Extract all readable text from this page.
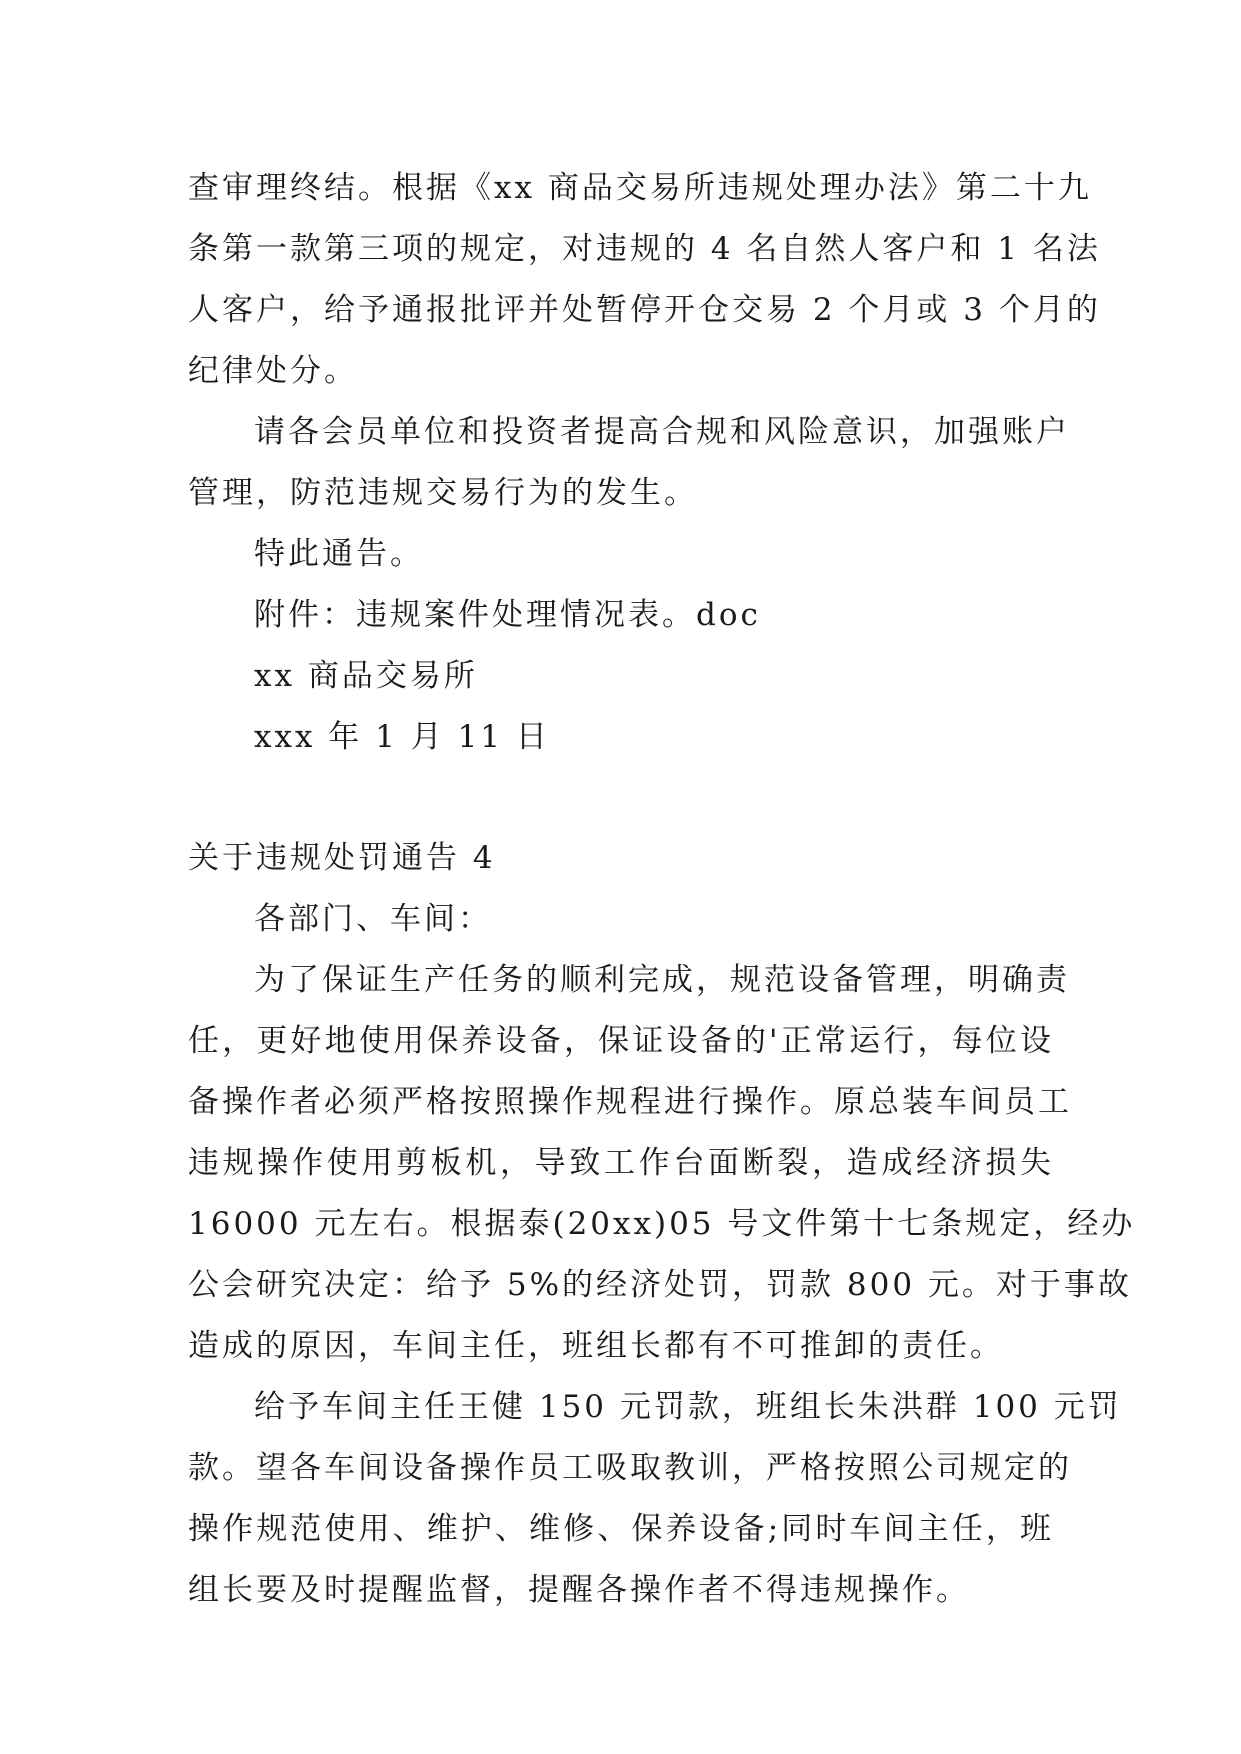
查审理终结。根据《xx 商品交易所违规处理办法》第二十九
条第一款第三项的规定，对违规的 4 名自然人客户和 1 名法
人客户，给予通报批评并处暂停开仓交易 2 个月或 3 个月的
纪律处分。
请各会员单位和投资者提高合规和风险意识，加强账户
管理，防范违规交易行为的发生。
特此通告。
附件：违规案件处理情况表。doc
xx 商品交易所
xxx 年 1 月 11 日
关于违规处罚通告 4
各部门、车间：
为了保证生产任务的顺利完成，规范设备管理，明确责
任，更好地使用保养设备，保证设备的'正常运行，每位设
备操作者必须严格按照操作规程进行操作。原总装车间员工
违规操作使用剪板机，导致工作台面断裂，造成经济损失
16000 元左右。根据泰(20xx)05 号文件第十七条规定，经办
公会研究决定：给予 5%的经济处罚，罚款 800 元。对于事故
造成的原因，车间主任，班组长都有不可推卸的责任。
给予车间主任王健 150 元罚款，班组长朱洪群 100 元罚
款。望各车间设备操作员工吸取教训，严格按照公司规定的
操作规范使用、维护、维修、保养设备;同时车间主任，班
组长要及时提醒监督，提醒各操作者不得违规操作。
